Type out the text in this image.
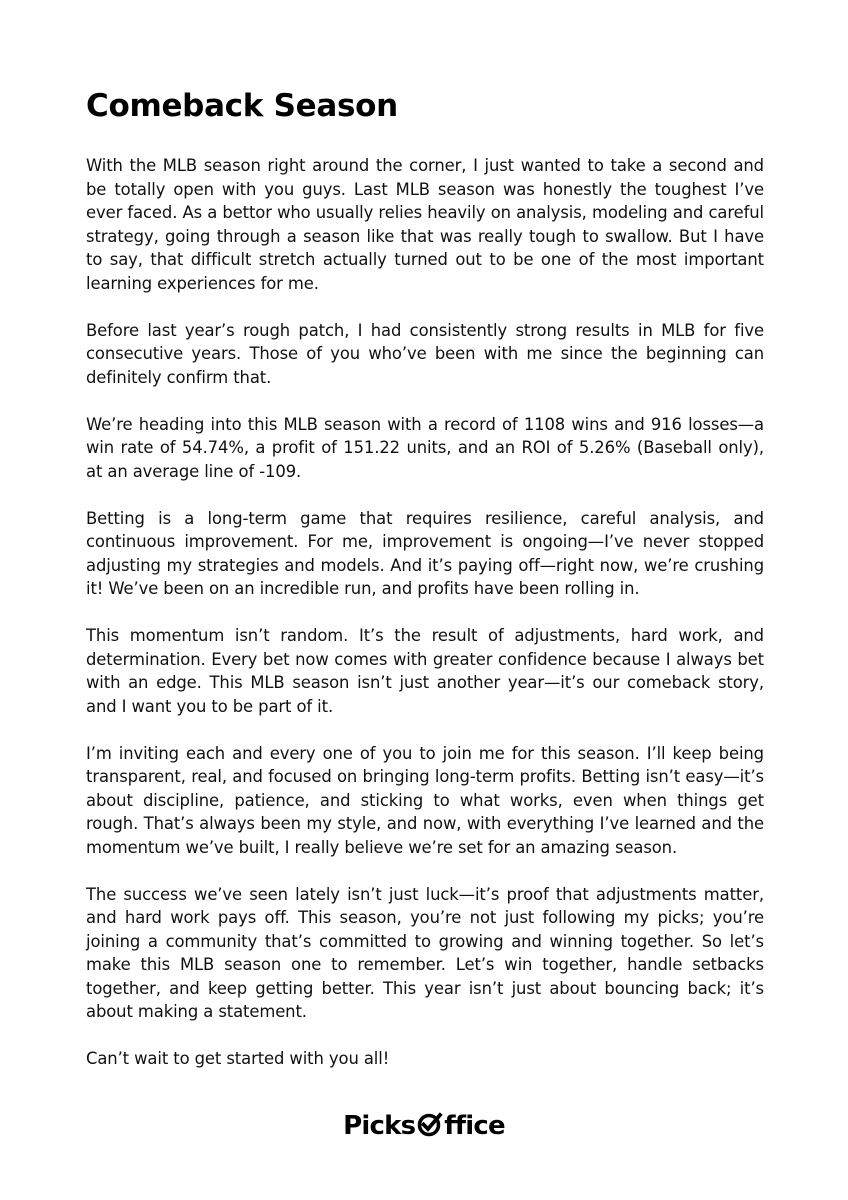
Comeback Season

With the MLB season right around the corner, I just wanted to take a second and be totally open with you guys. Last MLB season was honestly the toughest I’ve ever faced. As a bettor who usually relies heavily on analysis, modeling and careful strategy, going through a season like that was really tough to swallow. But I have to say, that difficult stretch actually turned out to be one of the most important learning experiences for me.

Before last year’s rough patch, I had consistently strong results in MLB for five consecutive years. Those of you who’ve been with me since the beginning can definitely confirm that.

We’re heading into this MLB season with a record of 1108 wins and 916 losses—a win rate of 54.74%, a profit of 151.22 units, and an ROI of 5.26% (Baseball only), at an average line of -109.

Betting is a long-term game that requires resilience, careful analysis, and continuous improvement. For me, improvement is ongoing—I’ve never stopped adjusting my strategies and models. And it’s paying off—right now, we’re crushing it! We’ve been on an incredible run, and profits have been rolling in.

This momentum isn’t random. It’s the result of adjustments, hard work, and determination. Every bet now comes with greater confidence because I always bet with an edge. This MLB season isn’t just another year—it’s our comeback story, and I want you to be part of it.

I’m inviting each and every one of you to join me for this season. I’ll keep being transparent, real, and focused on bringing long-term profits. Betting isn’t easy—it’s about discipline, patience, and sticking to what works, even when things get rough. That’s always been my style, and now, with everything I’ve learned and the momentum we’ve built, I really believe we’re set for an amazing season.

The success we’ve seen lately isn’t just luck—it’s proof that adjustments matter, and hard work pays off. This season, you’re not just following my picks; you’re joining a community that’s committed to growing and winning together. So let’s make this MLB season one to remember. Let’s win together, handle setbacks together, and keep getting better. This year isn’t just about bouncing back; it’s about making a statement.

Can’t wait to get started with you all!

Picks ffice
